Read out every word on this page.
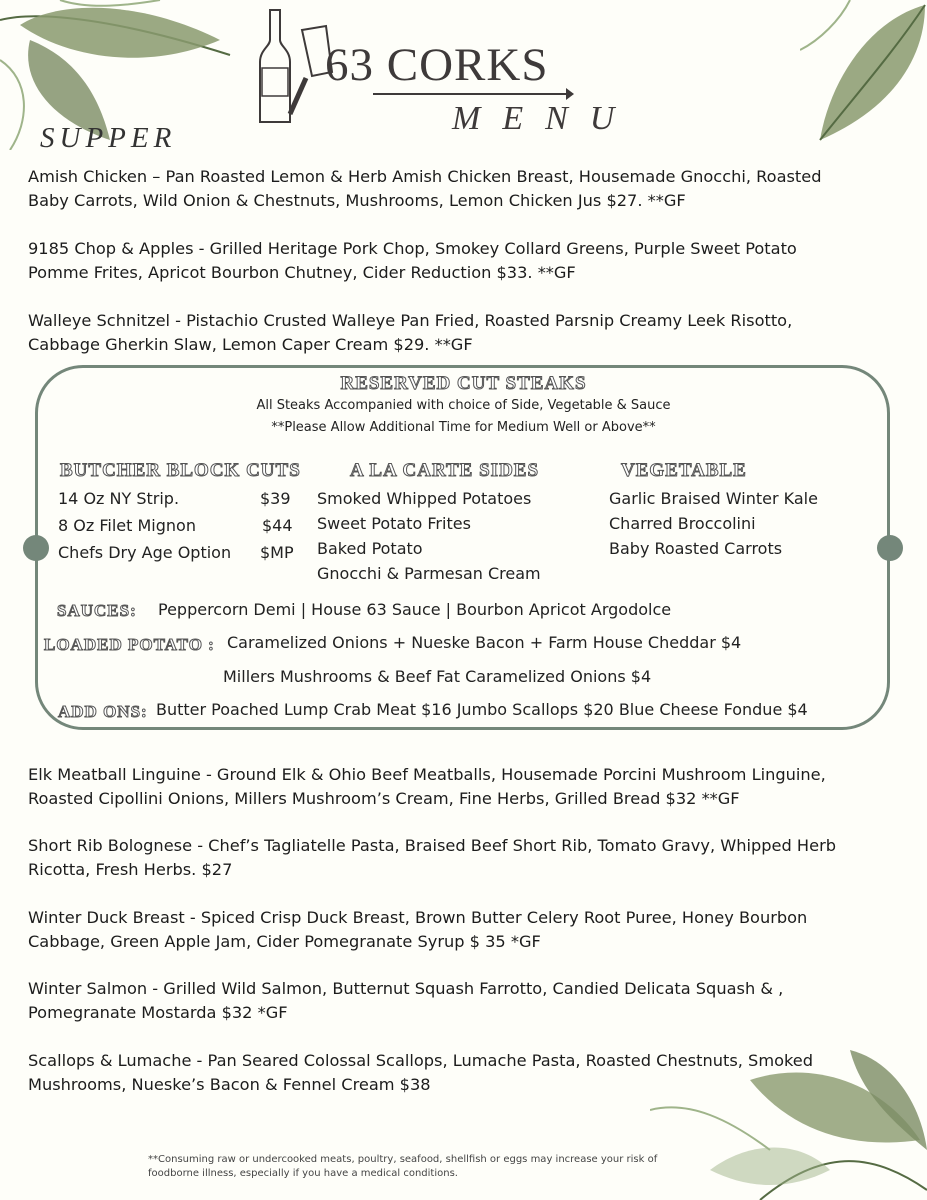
63 CORKS
MENU
SUPPER
Amish Chicken – Pan Roasted Lemon & Herb Amish Chicken Breast, Housemade Gnocchi, Roasted
Baby Carrots, Wild Onion & Chestnuts, Mushrooms, Lemon Chicken Jus $27. **GF
9185 Chop & Apples - Grilled Heritage Pork Chop, Smokey Collard Greens, Purple Sweet Potato
Pomme Frites, Apricot Bourbon Chutney, Cider Reduction $33. **GF
Walleye Schnitzel - Pistachio Crusted Walleye Pan Fried, Roasted Parsnip Creamy Leek Risotto,
Cabbage Gherkin Slaw, Lemon Caper Cream $29. **GF
RESERVED CUT STEAKS
All Steaks Accompanied with choice of Side, Vegetable & Sauce
**Please Allow Additional Time for Medium Well or Above**
BUTCHER BLOCK CUTS
14 Oz NY Strip.	$39
8 Oz Filet Mignon	$44
Chefs Dry Age Option $MP
A LA CARTE SIDES
Smoked Whipped Potatoes
Sweet Potato Frites
Baked Potato
Gnocchi & Parmesan Cream
VEGETABLE
Garlic Braised Winter Kale
Charred Broccolini
Baby Roasted Carrots
SAUCES: Peppercorn Demi | House 63 Sauce | Bourbon Apricot Argodolce
LOADED POTATO : Caramelized Onions + Nueske Bacon + Farm House Cheddar $4
Millers Mushrooms & Beef Fat Caramelized Onions $4
ADD ONS: Butter Poached Lump Crab Meat $16 Jumbo Scallops $20 Blue Cheese Fondue $4
Elk Meatball Linguine - Ground Elk & Ohio Beef Meatballs, Housemade Porcini Mushroom Linguine,
Roasted Cipollini Onions, Millers Mushroom’s Cream, Fine Herbs, Grilled Bread $32 **GF
Short Rib Bolognese - Chef’s Tagliatelle Pasta, Braised Beef Short Rib, Tomato Gravy, Whipped Herb
Ricotta, Fresh Herbs. $27
Winter Duck Breast - Spiced Crisp Duck Breast, Brown Butter Celery Root Puree, Honey Bourbon
Cabbage, Green Apple Jam, Cider Pomegranate Syrup $ 35 *GF
Winter Salmon - Grilled Wild Salmon, Butternut Squash Farrotto, Candied Delicata Squash & ,
Pomegranate Mostarda $32 *GF
Scallops & Lumache - Pan Seared Colossal Scallops, Lumache Pasta, Roasted Chestnuts, Smoked
Mushrooms, Nueske’s Bacon & Fennel Cream $38
**Consuming raw or undercooked meats, poultry, seafood, shellfish or eggs may increase your risk of
foodborne illness, especially if you have a medical conditions.
